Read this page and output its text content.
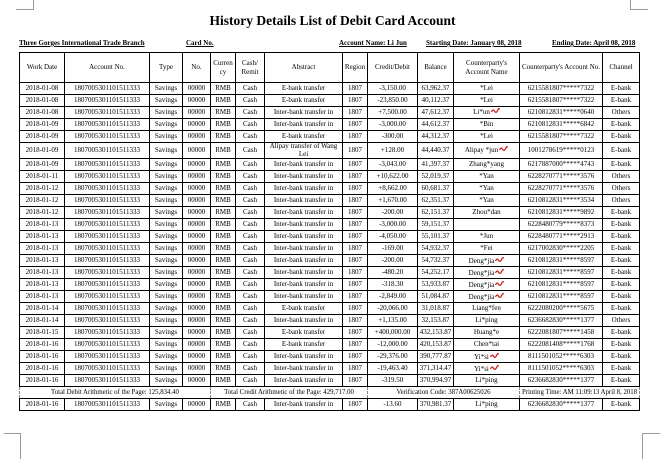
History Details List of Debit Card Account
Three Gorges International Trade Branch	Card No.	Account Name: Li Jun	Starting Date: January 08, 2018	Ending Date: April 08, 2018
Work Date	Account No.	Type	No.	Currency	Cash/ Remit	Abstract	Region	Credit/Debit	Balance	Counterparty's Account Name	Counterparty's Account No.	Channel
2018-01-08	1807005301101511333	Savings	00000	RMB	Cash	E-bank transfer	1807	-3,150.00	63,962.37	*Lei	6215581807*****7322	E-bank
2018-01-08	1807005301101511333	Savings	00000	RMB	Cash	E-bank transfer	1807	-23,850.00	40,112.37	*Lei	6215581807*****7322	E-bank
2018-01-08	1807005301101511333	Savings	00000	RMB	Cash	Inter-bank transfer in	1807	+7,500.00	47,612.37	Li*un	6210812831*****0640	Others
2018-01-09	1807005301101511333	Savings	00000	RMB	Cash	Inter-bank transfer in	1807	-3,000.00	44,612.37	*Bin	6210812831*****6842	E-bank
2018-01-09	1807005301101511333	Savings	00000	RMB	Cash	E-bank transfer	1807	-300.00	44,312.37	*Lei	6215581807*****7322	E-bank
2018-01-09	1807005301101511333	Savings	00000	RMB	Cash	Alipay transfer of Wang Lei	1807	+128.00	44,440.37	Alipay *jun	1001278619*****0123	E-bank
2018-01-09	1807005301101511333	Savings	00000	RMB	Cash	Inter-bank transfer in	1807	-3,043.00	41,397.37	Zhang*yang	6217887000*****4743	E-bank
2018-01-11	1807005301101511333	Savings	00000	RMB	Cash	Inter-bank transfer in	1807	+10,622.00	52,019.37	*Yan	6228270771*****3576	Others
2018-01-12	1807005301101511333	Savings	00000	RMB	Cash	Inter-bank transfer in	1807	+8,662.00	60,681.37	*Yan	6228270771*****3576	Others
2018-01-12	1807005301101511333	Savings	00000	RMB	Cash	Inter-bank transfer in	1807	+1,670.00	62,351.37	*Yan	6210812831*****3534	Others
2018-01-12	1807005301101511333	Savings	00000	RMB	Cash	Inter-bank transfer in	1807	-200.00	62,151.37	Zhou*dan	6210812831*****9892	E-bank
2018-01-13	1807005301101511333	Savings	00000	RMB	Cash	Inter-bank transfer in	1807	-3,000.00	59,151.37		6228480779*****8373	E-bank
2018-01-13	1807005301101511333	Savings	00000	RMB	Cash	Inter-bank transfer in	1807	-4,050.00	55,101.37	*Jun	6228480771*****2913	E-bank
2018-01-13	1807005301101511333	Savings	00000	RMB	Cash	Inter-bank transfer in	1807	-169.00	54,932.37	*Fei	6217002830*****2205	E-bank
2018-01-13	1807005301101511333	Savings	00000	RMB	Cash	Inter-bank transfer in	1807	-200.00	54,732.37	Deng*jia	6210812831*****8597	E-bank
2018-01-13	1807005301101511333	Savings	00000	RMB	Cash	Inter-bank transfer in	1807	-480.20	54,252.17	Deng*jia	6210812831*****8597	E-bank
2018-01-13	1807005301101511333	Savings	00000	RMB	Cash	Inter-bank transfer in	1807	-318.30	53,933.87	Deng*jia	6210812831*****8597	E-bank
2018-01-13	1807005301101511333	Savings	00000	RMB	Cash	Inter-bank transfer in	1807	-2,849.00	51,084.87	Deng*jia	6210812831*****8597	E-bank
2018-01-14	1807005301101511333	Savings	00000	RMB	Cash	E-bank transfer	1807	-20,066.00	31,018.87	Liang*fen	6222080200*****5675	E-bank
2018-01-14	1807005301101511333	Savings	00000	RMB	Cash	Inter-bank transfer in	1807	+1,135.00	32,153.87	Li*ping	6236682830*****1377	Others
2018-01-15	1807005301101511333	Savings	00000	RMB	Cash	E-bank transfer	1807	+400,000.00	432,153.87	Huang*e	6222081807*****1458	E-bank
2018-01-16	1807005301101511333	Savings	00000	RMB	Cash	E-bank transfer	1807	-12,000.00	420,153.87	Chen*tai	6222081408*****1768	E-bank
2018-01-16	1807005301101511333	Savings	00000	RMB	Cash	Inter-bank transfer in	1807	-29,376.00	390,777.87	Yi*si	8111501052*****6303	E-bank
2018-01-16	1807005301101511333	Savings	00000	RMB	Cash	Inter-bank transfer in	1807	-19,463.40	371,314.47	Yi*si	8111501052*****6303	E-bank
2018-01-16	1807005301101511333	Savings	00000	RMB	Cash	Inter-bank transfer in	1807	-319.50	370,994.97	Li*ping	6236682830*****1377	E-bank
Total Debit Arithmetic of the Page: 125,834.40				Total Credit Arithmetic of the Page: 429,717.00				Verification Code: 387A00625026			Printing Time: AM 11:09:13 April 8, 2018	
2018-01-16	1807005301101511333	Savings	00000	RMB	Cash	Inter-bank transfer in	1807	-13.60	370,981.37	Li*ping	6236682830*****1377	E-bank
